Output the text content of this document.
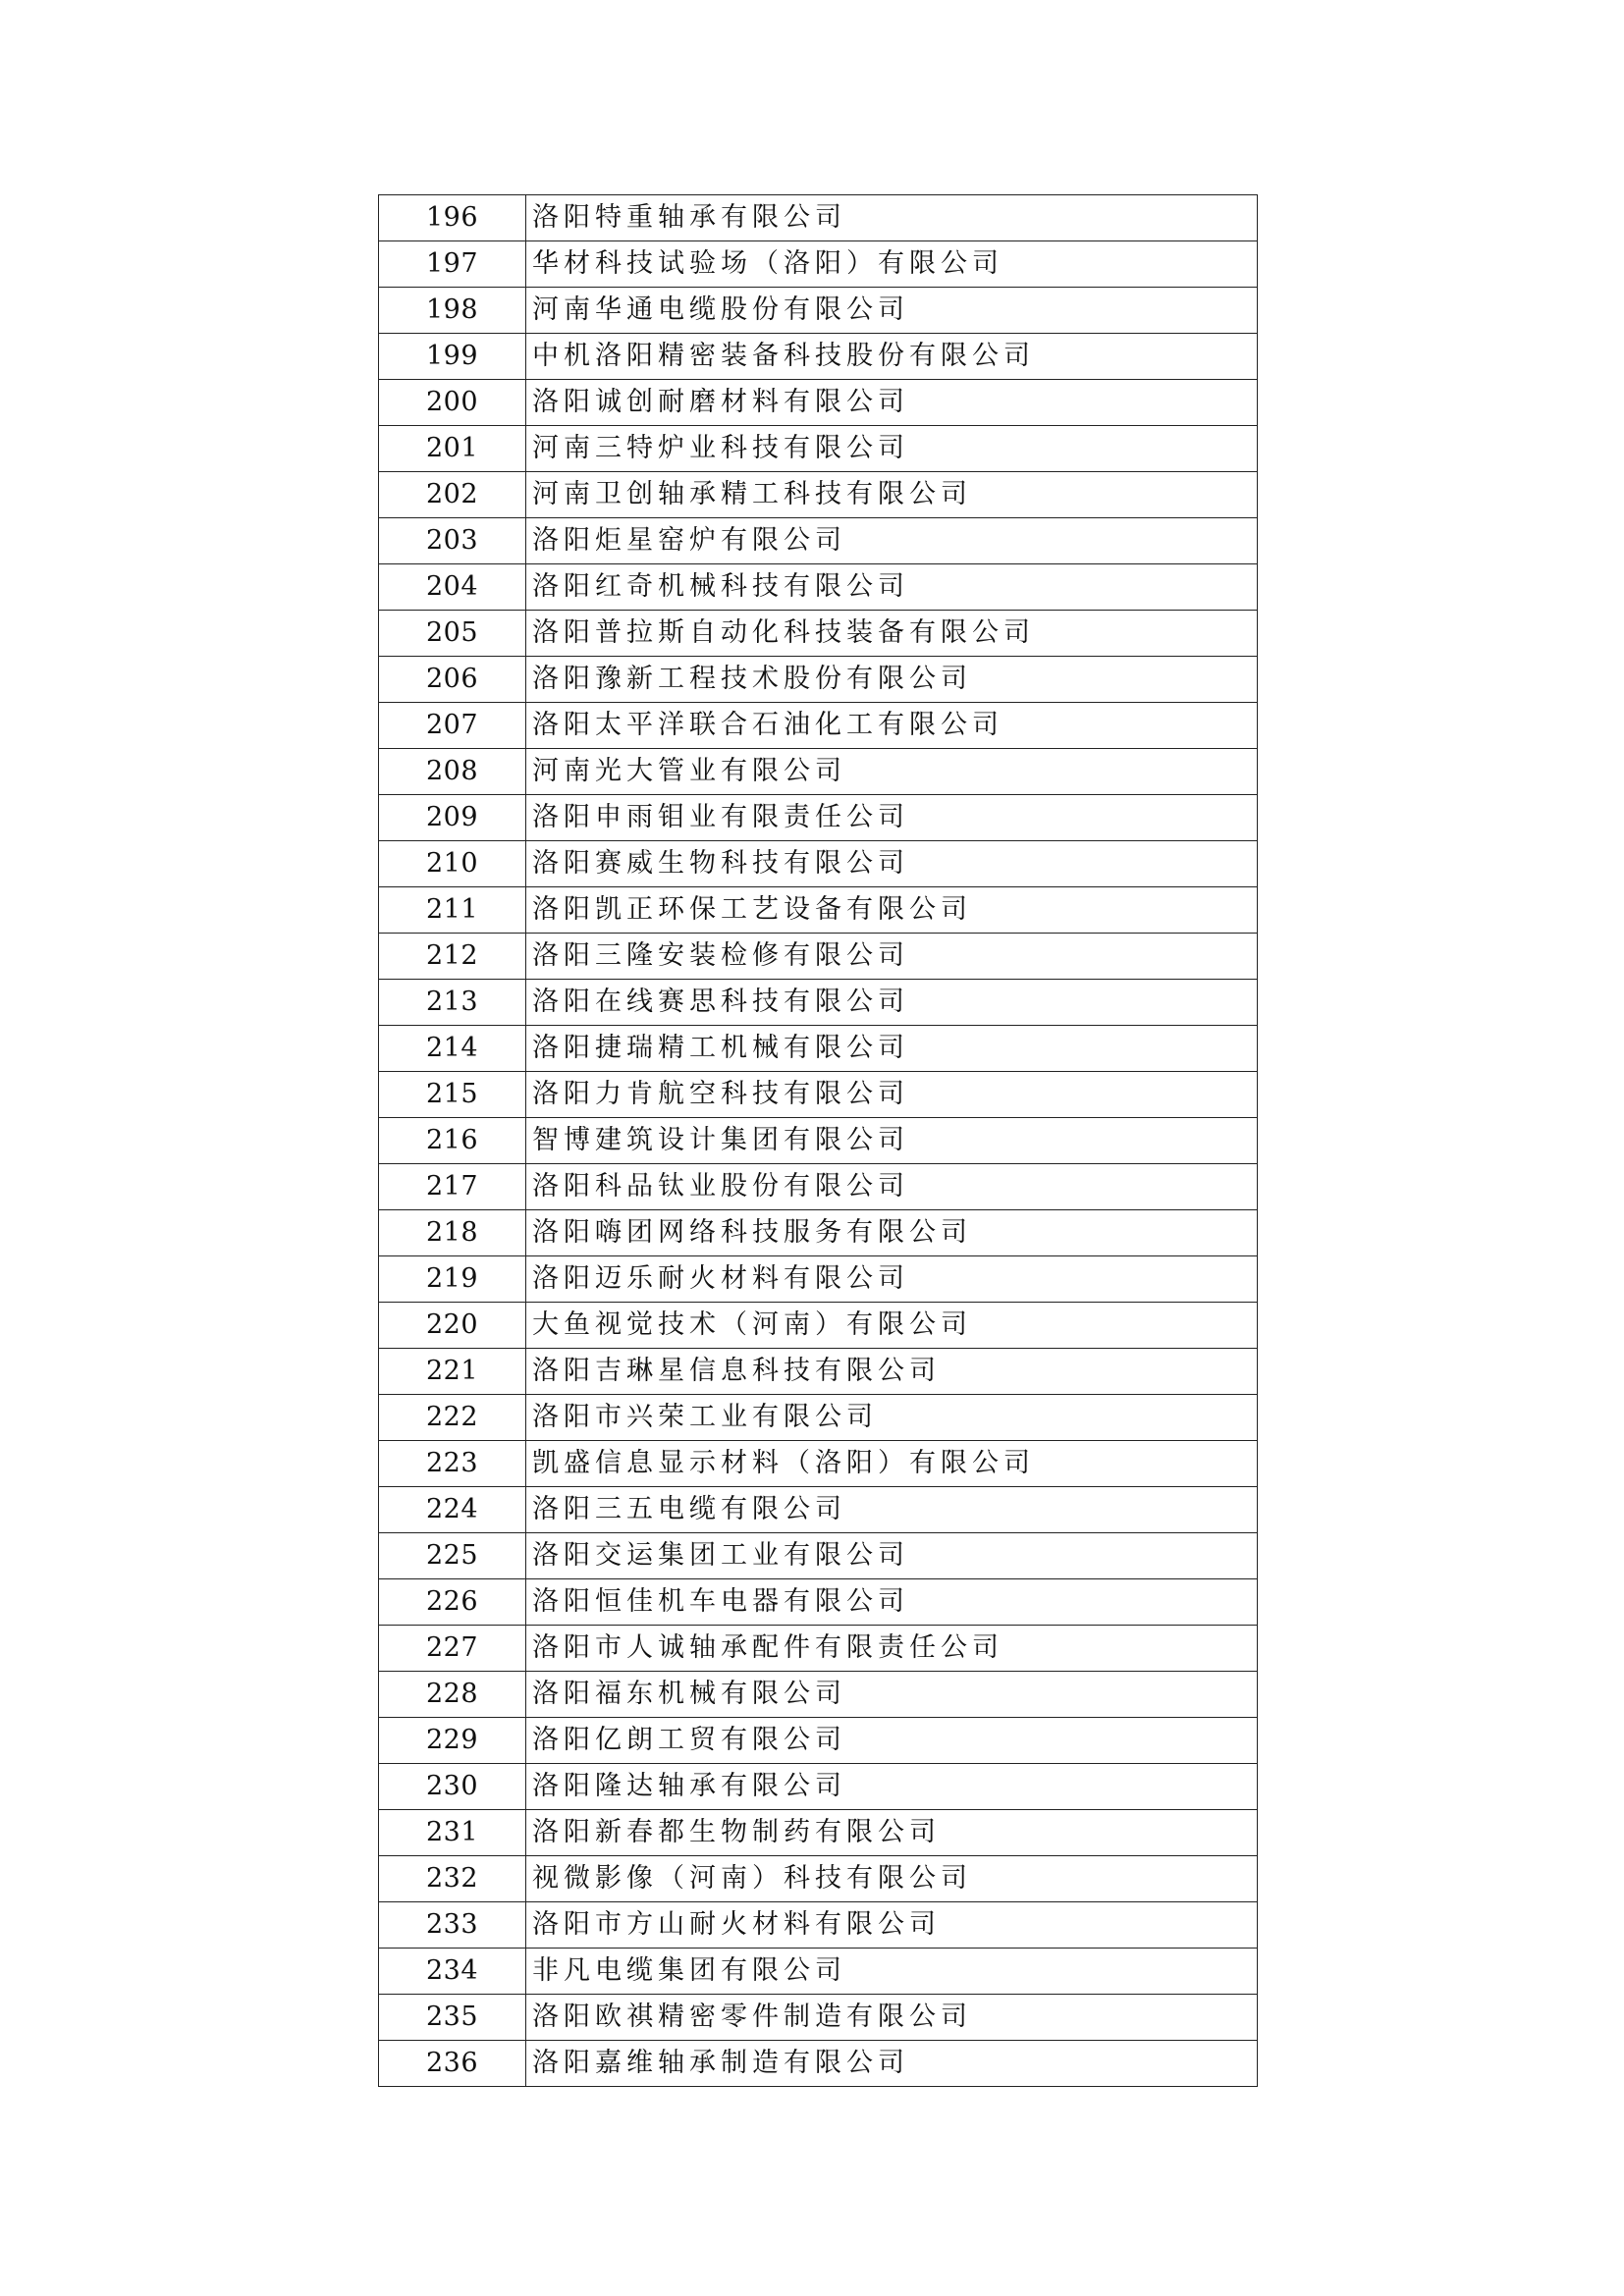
196	洛阳特重轴承有限公司
197	华材科技试验场（洛阳）有限公司
198	河南华通电缆股份有限公司
199	中机洛阳精密装备科技股份有限公司
200	洛阳诚创耐磨材料有限公司
201	河南三特炉业科技有限公司
202	河南卫创轴承精工科技有限公司
203	洛阳炬星窑炉有限公司
204	洛阳红奇机械科技有限公司
205	洛阳普拉斯自动化科技装备有限公司
206	洛阳豫新工程技术股份有限公司
207	洛阳太平洋联合石油化工有限公司
208	河南光大管业有限公司
209	洛阳申雨钼业有限责任公司
210	洛阳赛威生物科技有限公司
211	洛阳凯正环保工艺设备有限公司
212	洛阳三隆安装检修有限公司
213	洛阳在线赛思科技有限公司
214	洛阳捷瑞精工机械有限公司
215	洛阳力肯航空科技有限公司
216	智博建筑设计集团有限公司
217	洛阳科品钛业股份有限公司
218	洛阳嗨团网络科技服务有限公司
219	洛阳迈乐耐火材料有限公司
220	大鱼视觉技术（河南）有限公司
221	洛阳吉琳星信息科技有限公司
222	洛阳市兴荣工业有限公司
223	凯盛信息显示材料（洛阳）有限公司
224	洛阳三五电缆有限公司
225	洛阳交运集团工业有限公司
226	洛阳恒佳机车电器有限公司
227	洛阳市人诚轴承配件有限责任公司
228	洛阳福东机械有限公司
229	洛阳亿朗工贸有限公司
230	洛阳隆达轴承有限公司
231	洛阳新春都生物制药有限公司
232	视微影像（河南）科技有限公司
233	洛阳市方山耐火材料有限公司
234	非凡电缆集团有限公司
235	洛阳欧祺精密零件制造有限公司
236	洛阳嘉维轴承制造有限公司
